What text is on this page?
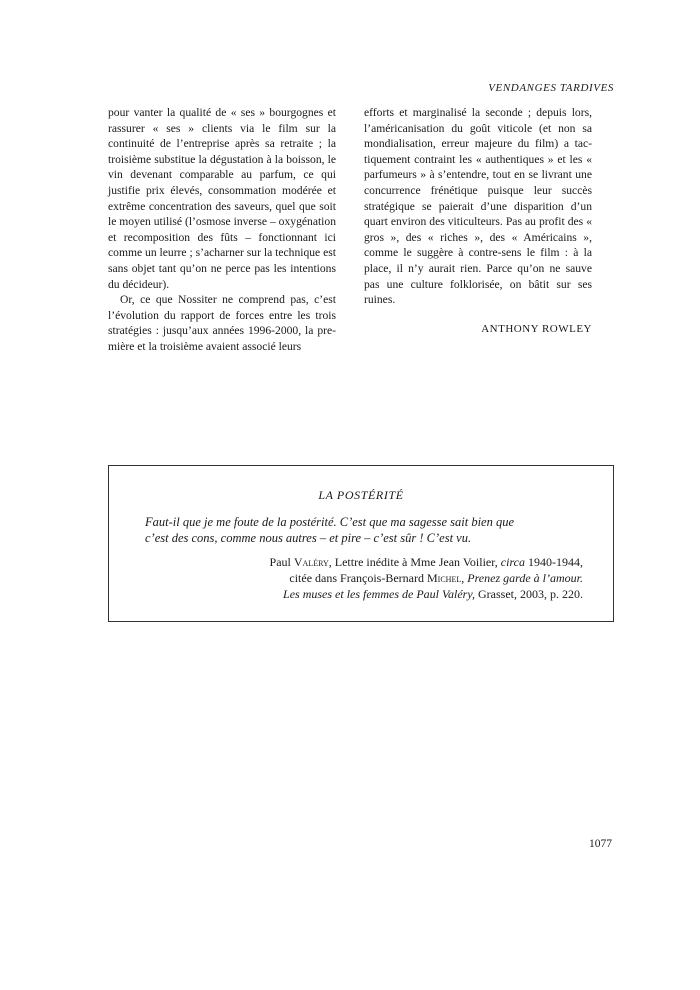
VENDANGES TARDIVES

pour vanter la qualité de « ses » bourgognes et rassurer « ses » clients via le film sur la continuité de l’entreprise après sa retraite ; la troisième substitue la dégustation à la boisson, le vin devenant comparable au parfum, ce qui justifie prix élevés, consommation modérée et extrême concentration des saveurs, quel que soit le moyen utilisé (l’osmose inverse – oxygénation et recomposition des fûts – fonctionnant ici comme un leurre ; s’acharner sur la technique est sans objet tant qu’on ne perce pas les intentions du décideur).

Or, ce que Nossiter ne comprend pas, c’est l’évolution du rapport de forces entre les trois stratégies : jusqu’aux années 1996-2000, la première et la troisième avaient associé leurs

efforts et marginalisé la seconde ; depuis lors, l’américanisation du goût viticole (et non sa mondialisation, erreur majeure du film) a tactiquement contraint les « authentiques » et les « parfumeurs » à s’entendre, tout en se livrant une concurrence frénétique puisque leur succès stratégique se paierait d’une disparition d’un quart environ des viticulteurs. Pas au profit des « gros », des « riches », des « Américains », comme le suggère à contre-sens le film : à la place, il n’y aurait rien. Parce qu’on ne sauve pas une culture folklorisée, on bâtit sur ses ruines.

ANTHONY ROWLEY
LA POSTÉRITÉ
Faut-il que je me foute de la postérité. C’est que ma sagesse sait bien que
c’est des cons, comme nous autres – et pire – c’est sûr ! C’est vu.
Paul Valéry, Lettre inédite à Mme Jean Voilier, circa 1940-1944,
citée dans François-Bernard Michel, Prenez garde à l’amour.
Les muses et les femmes de Paul Valéry, Grasset, 2003, p. 220.
1077
